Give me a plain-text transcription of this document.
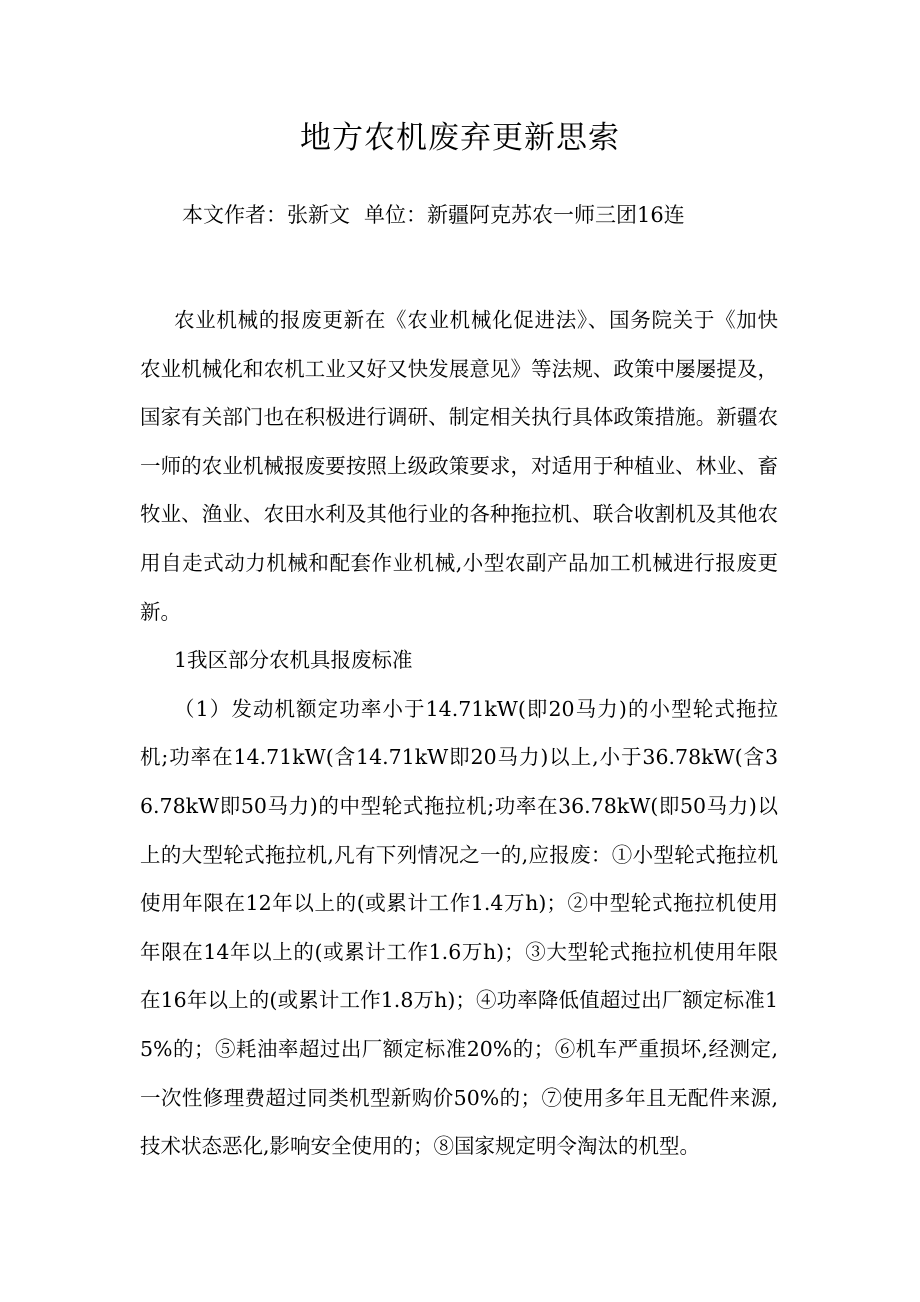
地方农机废弃更新思索

本文作者：张新文 单位：新疆阿克苏农一师三团16连

农业机械的报废更新在《农业机械化促进法》、国务院关于《加快农业机械化和农机工业又好又快发展意见》等法规、政策中屡屡提及，国家有关部门也在积极进行调研、制定相关执行具体政策措施。新疆农一师的农业机械报废要按照上级政策要求，对适用于种植业、林业、畜牧业、渔业、农田水利及其他行业的各种拖拉机、联合收割机及其他农用自走式动力机械和配套作业机械,小型农副产品加工机械进行报废更新。

1我区部分农机具报废标准

（1）发动机额定功率小于14.71kW(即20马力)的小型轮式拖拉机;功率在14.71kW(含14.71kW即20马力)以上,小于36.78kW(含36.78kW即50马力)的中型轮式拖拉机;功率在36.78kW(即50马力)以上的大型轮式拖拉机,凡有下列情况之一的,应报废：①小型轮式拖拉机使用年限在12年以上的(或累计工作1.4万h)；②中型轮式拖拉机使用年限在14年以上的(或累计工作1.6万h)；③大型轮式拖拉机使用年限在16年以上的(或累计工作1.8万h)；④功率降低值超过出厂额定标准15%的；⑤耗油率超过出厂额定标准20%的；⑥机车严重损坏,经测定,一次性修理费超过同类机型新购价50%的；⑦使用多年且无配件来源,技术状态恶化,影响安全使用的；⑧国家规定明令淘汰的机型。
